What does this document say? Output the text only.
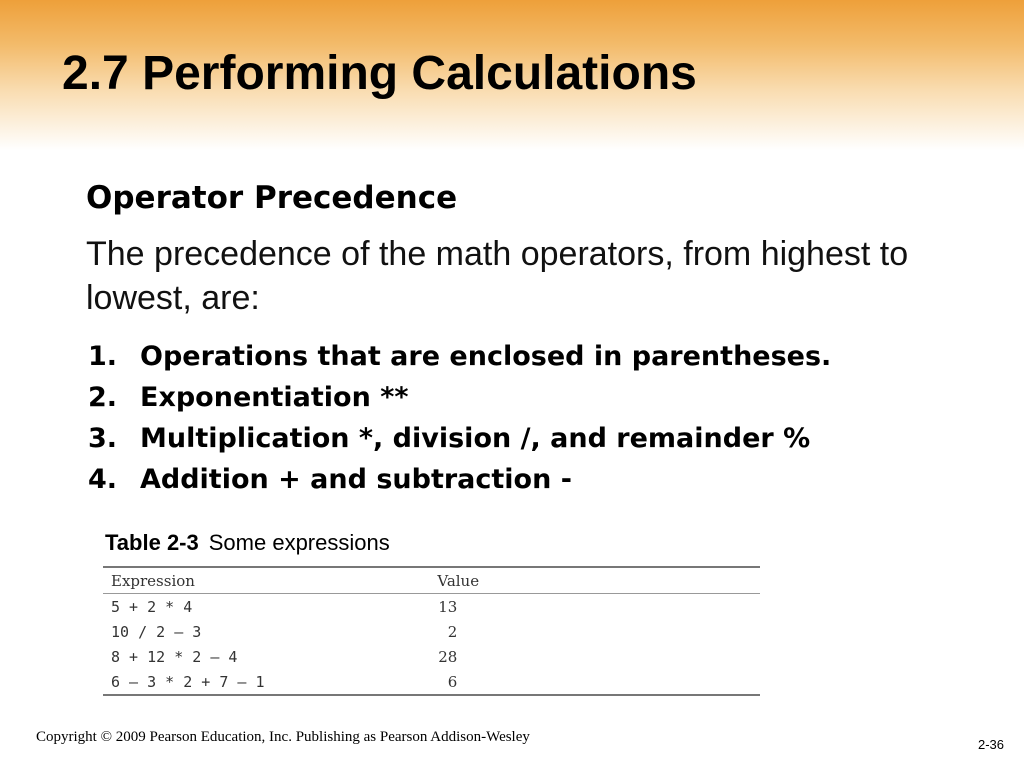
2.7 Performing Calculations
Operator Precedence

The precedence of the math operators, from highest to lowest, are:

1. Operations that are enclosed in parentheses.
2. Exponentiation **
3. Multiplication *, division /, and remainder %
4. Addition + and subtraction -

Table 2-3 Some expressions

Expression	Value	
5 + 2 * 4	13	
10 / 2 — 3	2	
8 + 12 * 2 — 4	28	
6 — 3 * 2 + 7 — 1	6	

Copyright © 2009 Pearson Education, Inc. Publishing as Pearson Addison-Wesley	2-36
